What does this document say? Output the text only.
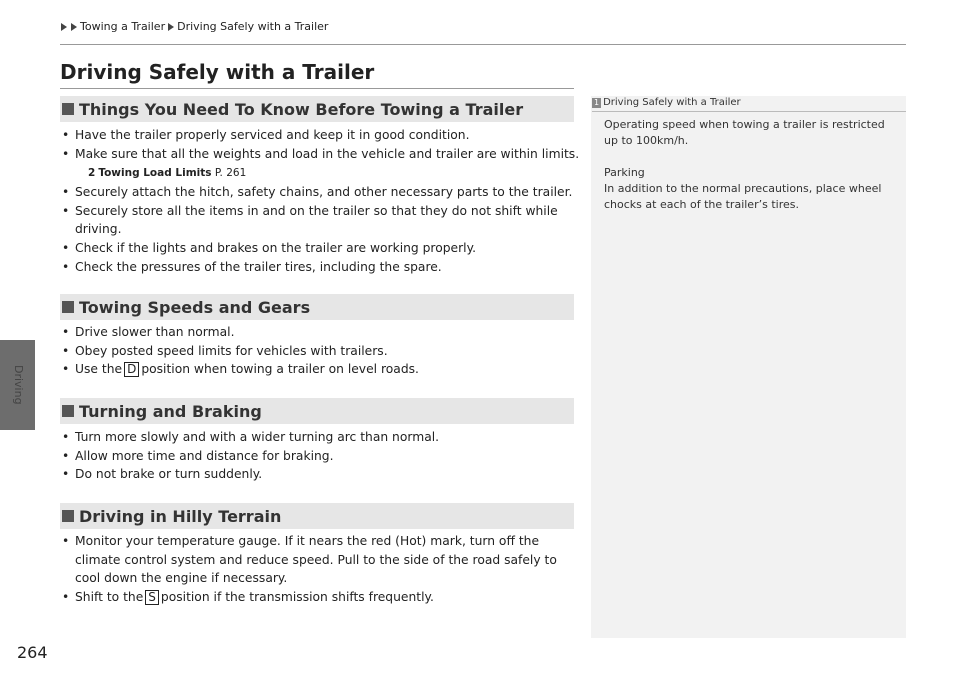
Driving
Towing a Trailer Driving Safely with a Trailer
Driving Safely with a Trailer
Things You Need To Know Before Towing a Trailer
• Have the trailer properly serviced and keep it in good condition.
• Make sure that all the weights and load in the vehicle and trailer are within limits.
2 Towing Load Limits P. 261
• Securely attach the hitch, safety chains, and other necessary parts to the trailer.
• Securely store all the items in and on the trailer so that they do not shift while driving.
• Check if the lights and brakes on the trailer are working properly.
• Check the pressures of the trailer tires, including the spare.
Towing Speeds and Gears
• Drive slower than normal.
• Obey posted speed limits for vehicles with trailers.
• Use the D position when towing a trailer on level roads.
Turning and Braking
• Turn more slowly and with a wider turning arc than normal.
• Allow more time and distance for braking.
• Do not brake or turn suddenly.
Driving in Hilly Terrain
• Monitor your temperature gauge. If it nears the red (Hot) mark, turn off the climate control system and reduce speed. Pull to the side of the road safely to cool down the engine if necessary.
• Shift to the S position if the transmission shifts frequently.
1 Driving Safely with a Trailer

Operating speed when towing a trailer is restricted up to 100km/h.

Parking

In addition to the normal precautions, place wheel chocks at each of the trailer’s tires.

264
